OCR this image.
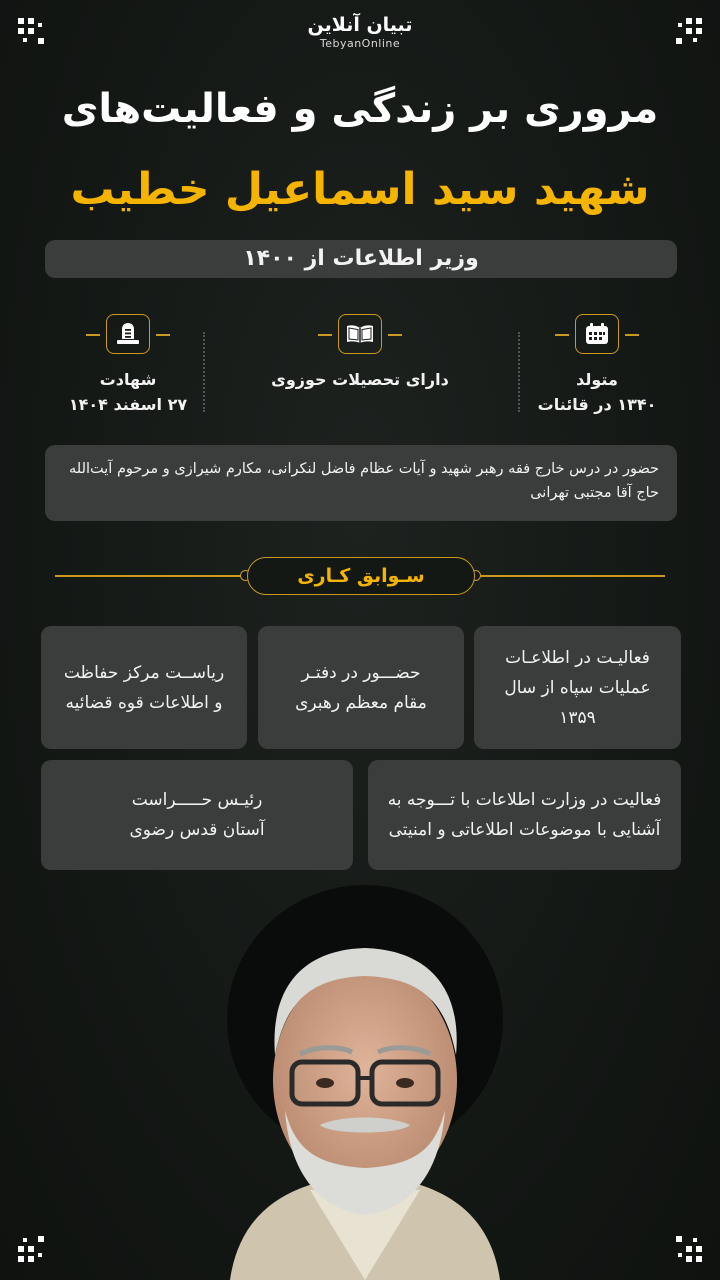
تبیان آنلاین
TebyanOnline
مروری بر زندگی و فعالیت‌های
شهید سید اسماعیل خطیب
وزیر اطلاعات از ۱۴۰۰
متولد
۱۳۴۰ در قائنات
دارای تحصیلات حوزوی
شهادت
۲۷ اسفند ۱۴۰۴
حضور در درس خارج فقه رهبر شهید و آیات عظام فاضل لنکرانی، مکارم شیرازی و مرحوم آیت‌الله حاج آقا مجتبی تهرانی
سـوابق کـاری
فعالیـت در اطلاعـات
عملیات سپاه از سال
۱۳۵۹
حضـــور در دفتـر
مقام معظم رهبری
ریاســت مرکز حفاظت
و اطلاعات قوه قضائیه
فعالیت در وزارت اطلاعات با تـــوجه به
آشنایی با موضوعات اطلاعاتی و امنیتی
رئیـس حـــــراست
آستان قدس رضوی
